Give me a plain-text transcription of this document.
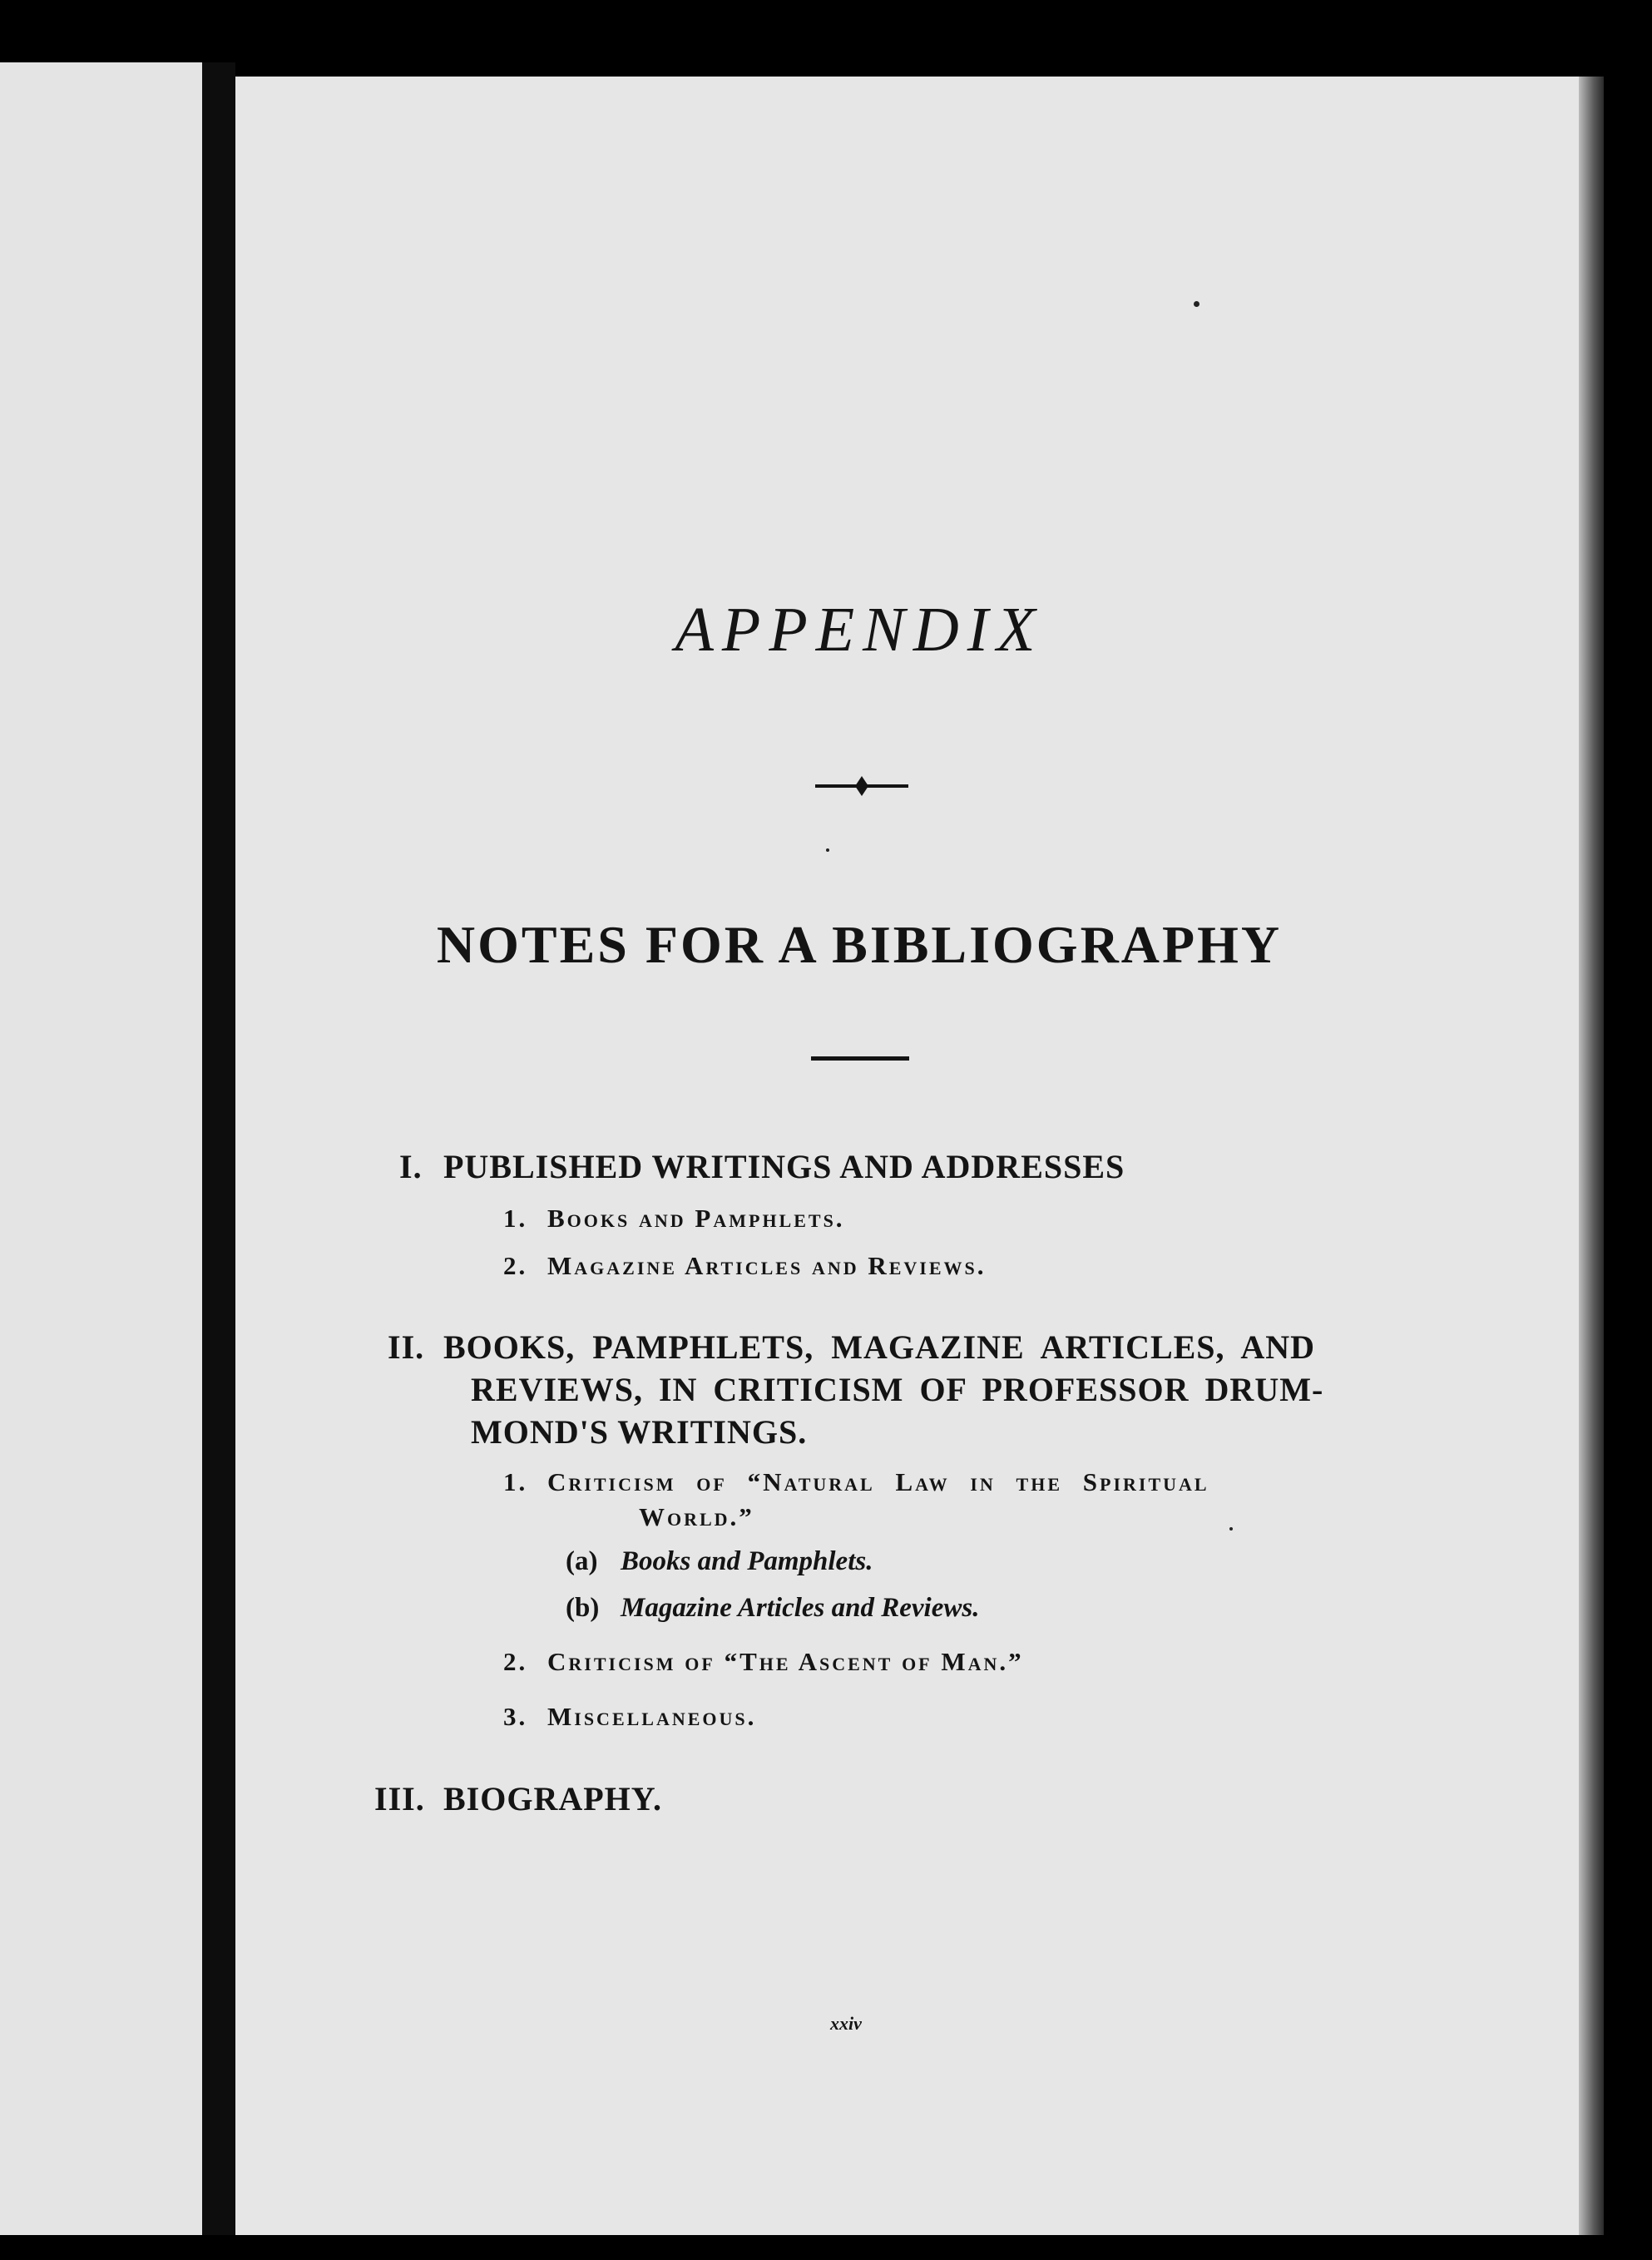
APPENDIX
NOTES FOR A BIBLIOGRAPHY
I. PUBLISHED WRITINGS AND ADDRESSES
1. Books and Pamphlets.
2. Magazine Articles and Reviews.
II. BOOKS, PAMPHLETS, MAGAZINE ARTICLES, AND
REVIEWS, IN CRITICISM OF PROFESSOR DRUM-
MOND'S WRITINGS.
1. Criticism of “Natural Law in the Spiritual
World.”
(a) Books and Pamphlets.
(b) Magazine Articles and Reviews.
2. Criticism of “The Ascent of Man.”
3. Miscellaneous.
III. BIOGRAPHY.
xxiv
